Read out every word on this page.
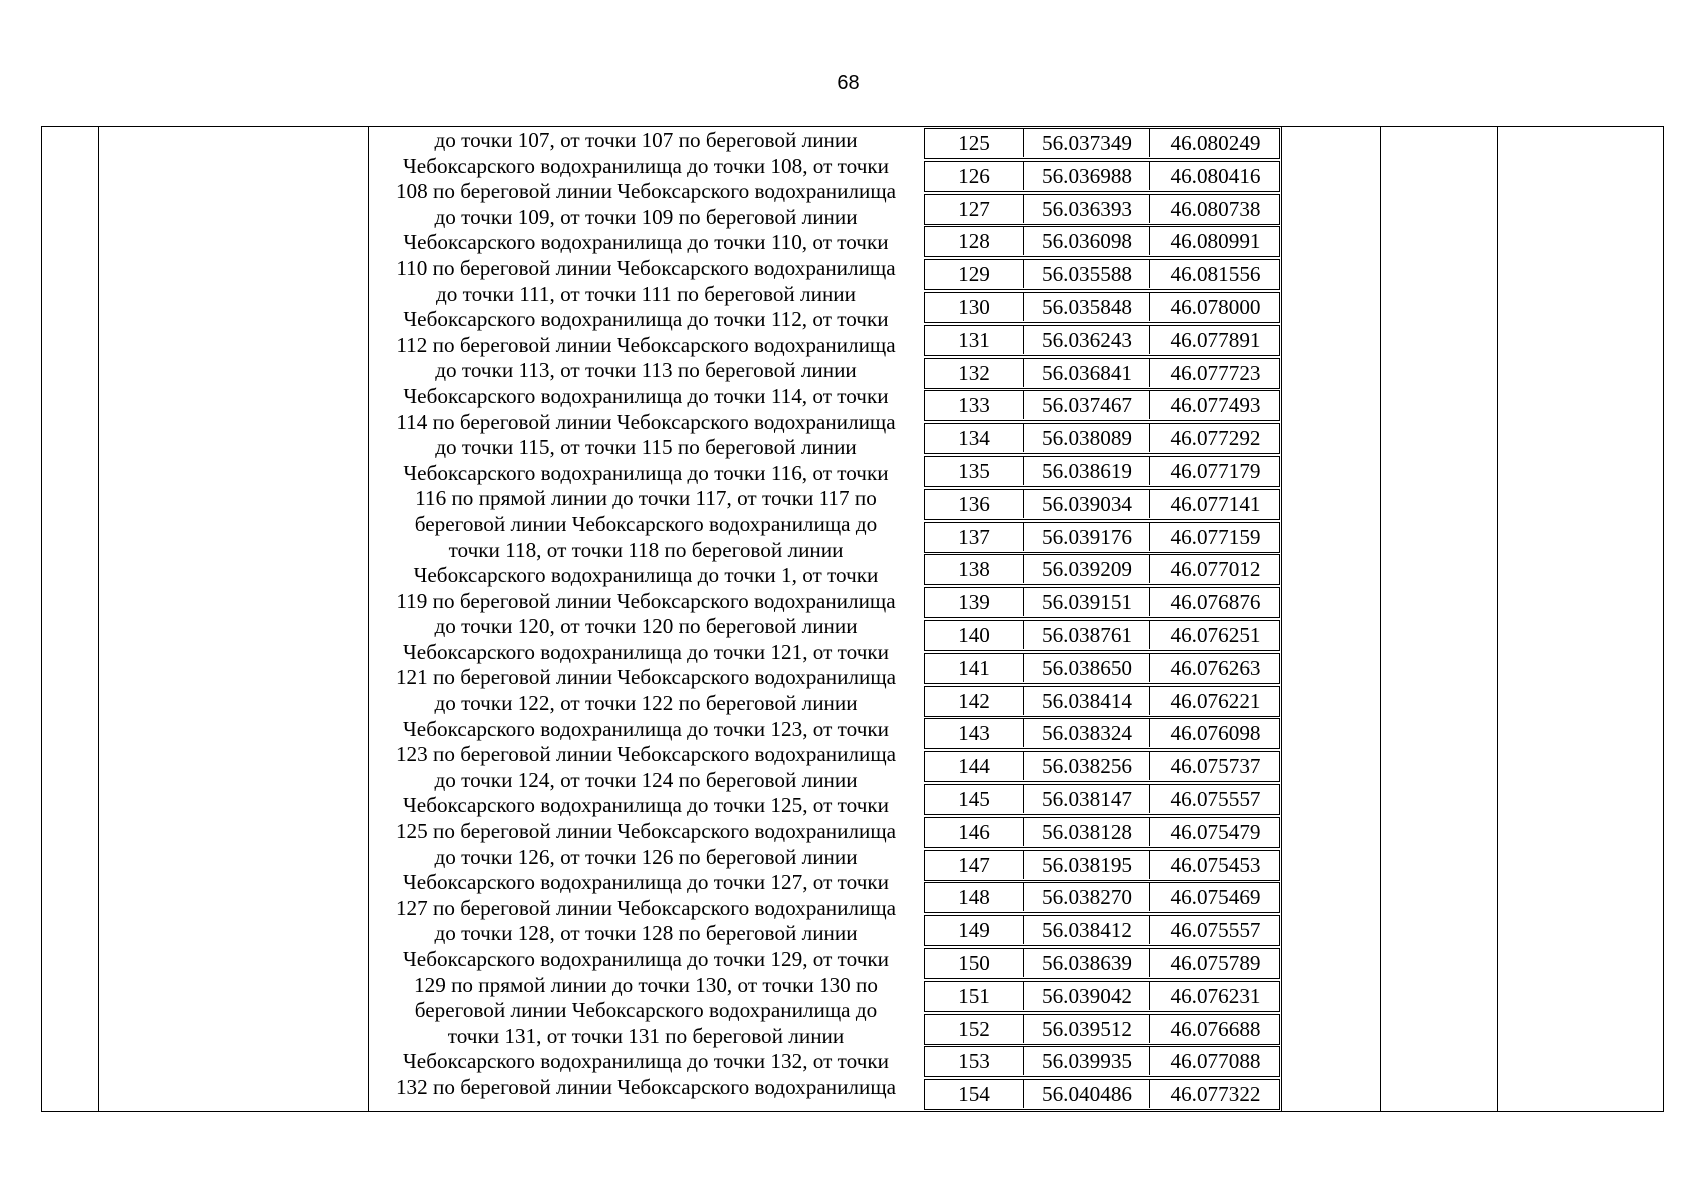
68
до точки 107, от точки 107 по береговой линии
Чебоксарского водохранилища до точки 108, от точки
108 по береговой линии Чебоксарского водохранилища
до точки 109, от точки 109 по береговой линии
Чебоксарского водохранилища до точки 110, от точки
110 по береговой линии Чебоксарского водохранилища
до точки 111, от точки 111 по береговой линии
Чебоксарского водохранилища до точки 112, от точки
112 по береговой линии Чебоксарского водохранилища
до точки 113, от точки 113 по береговой линии
Чебоксарского водохранилища до точки 114, от точки
114 по береговой линии Чебоксарского водохранилища
до точки 115, от точки 115 по береговой линии
Чебоксарского водохранилища до точки 116, от точки
116 по прямой линии до точки 117, от точки 117 по
береговой линии Чебоксарского водохранилища до
точки 118, от точки 118 по береговой линии
Чебоксарского водохранилища до точки 1, от точки
119 по береговой линии Чебоксарского водохранилища
до точки 120, от точки 120 по береговой линии
Чебоксарского водохранилища до точки 121, от точки
121 по береговой линии Чебоксарского водохранилища
до точки 122, от точки 122 по береговой линии
Чебоксарского водохранилища до точки 123, от точки
123 по береговой линии Чебоксарского водохранилища
до точки 124, от точки 124 по береговой линии
Чебоксарского водохранилища до точки 125, от точки
125 по береговой линии Чебоксарского водохранилища
до точки 126, от точки 126 по береговой линии
Чебоксарского водохранилища до точки 127, от точки
127 по береговой линии Чебоксарского водохранилища
до точки 128, от точки 128 по береговой линии
Чебоксарского водохранилища до точки 129, от точки
129 по прямой линии до точки 130, от точки 130 по
береговой линии Чебоксарского водохранилища до
точки 131, от точки 131 по береговой линии
Чебоксарского водохранилища до точки 132, от точки
132 по береговой линии Чебоксарского водохранилища
125	56.037349	46.080249
126	56.036988	46.080416
127	56.036393	46.080738
128	56.036098	46.080991
129	56.035588	46.081556
130	56.035848	46.078000
131	56.036243	46.077891
132	56.036841	46.077723
133	56.037467	46.077493
134	56.038089	46.077292
135	56.038619	46.077179
136	56.039034	46.077141
137	56.039176	46.077159
138	56.039209	46.077012
139	56.039151	46.076876
140	56.038761	46.076251
141	56.038650	46.076263
142	56.038414	46.076221
143	56.038324	46.076098
144	56.038256	46.075737
145	56.038147	46.075557
146	56.038128	46.075479
147	56.038195	46.075453
148	56.038270	46.075469
149	56.038412	46.075557
150	56.038639	46.075789
151	56.039042	46.076231
152	56.039512	46.076688
153	56.039935	46.077088
154	56.040486	46.077322
